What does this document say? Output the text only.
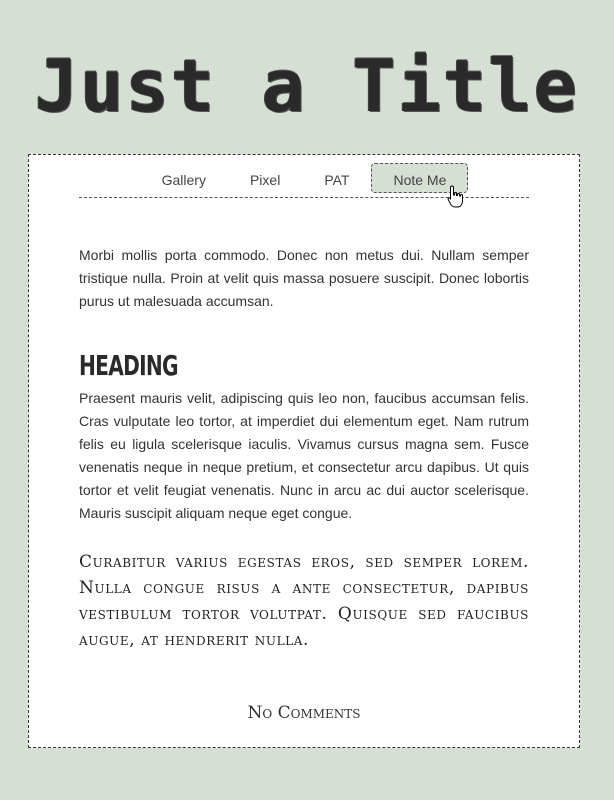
Just a Title
Gallery	Pixel	PAT	Note Me

Morbi mollis porta commodo. Donec non metus dui. Nullam semper tristique nulla. Proin at velit quis massa posuere suscipit. Donec lobortis purus ut malesuada accumsan.

HEADING

Praesent mauris velit, adipiscing quis leo non, faucibus accumsan felis. Cras vulputate leo tortor, at imperdiet dui elementum eget. Nam rutrum felis eu ligula scelerisque iaculis. Vivamus cursus magna sem. Fusce venenatis neque in neque pretium, et consectetur arcu dapibus. Ut quis tortor et velit feugiat venenatis. Nunc in arcu ac dui auctor scelerisque. Mauris suscipit aliquam neque eget congue.

Curabitur varius egestas eros, sed semper lorem. Nulla congue risus a ante consectetur, dapibus vestibulum tortor volutpat. Quisque sed faucibus augue, at hendrerit nulla.

No Comments
